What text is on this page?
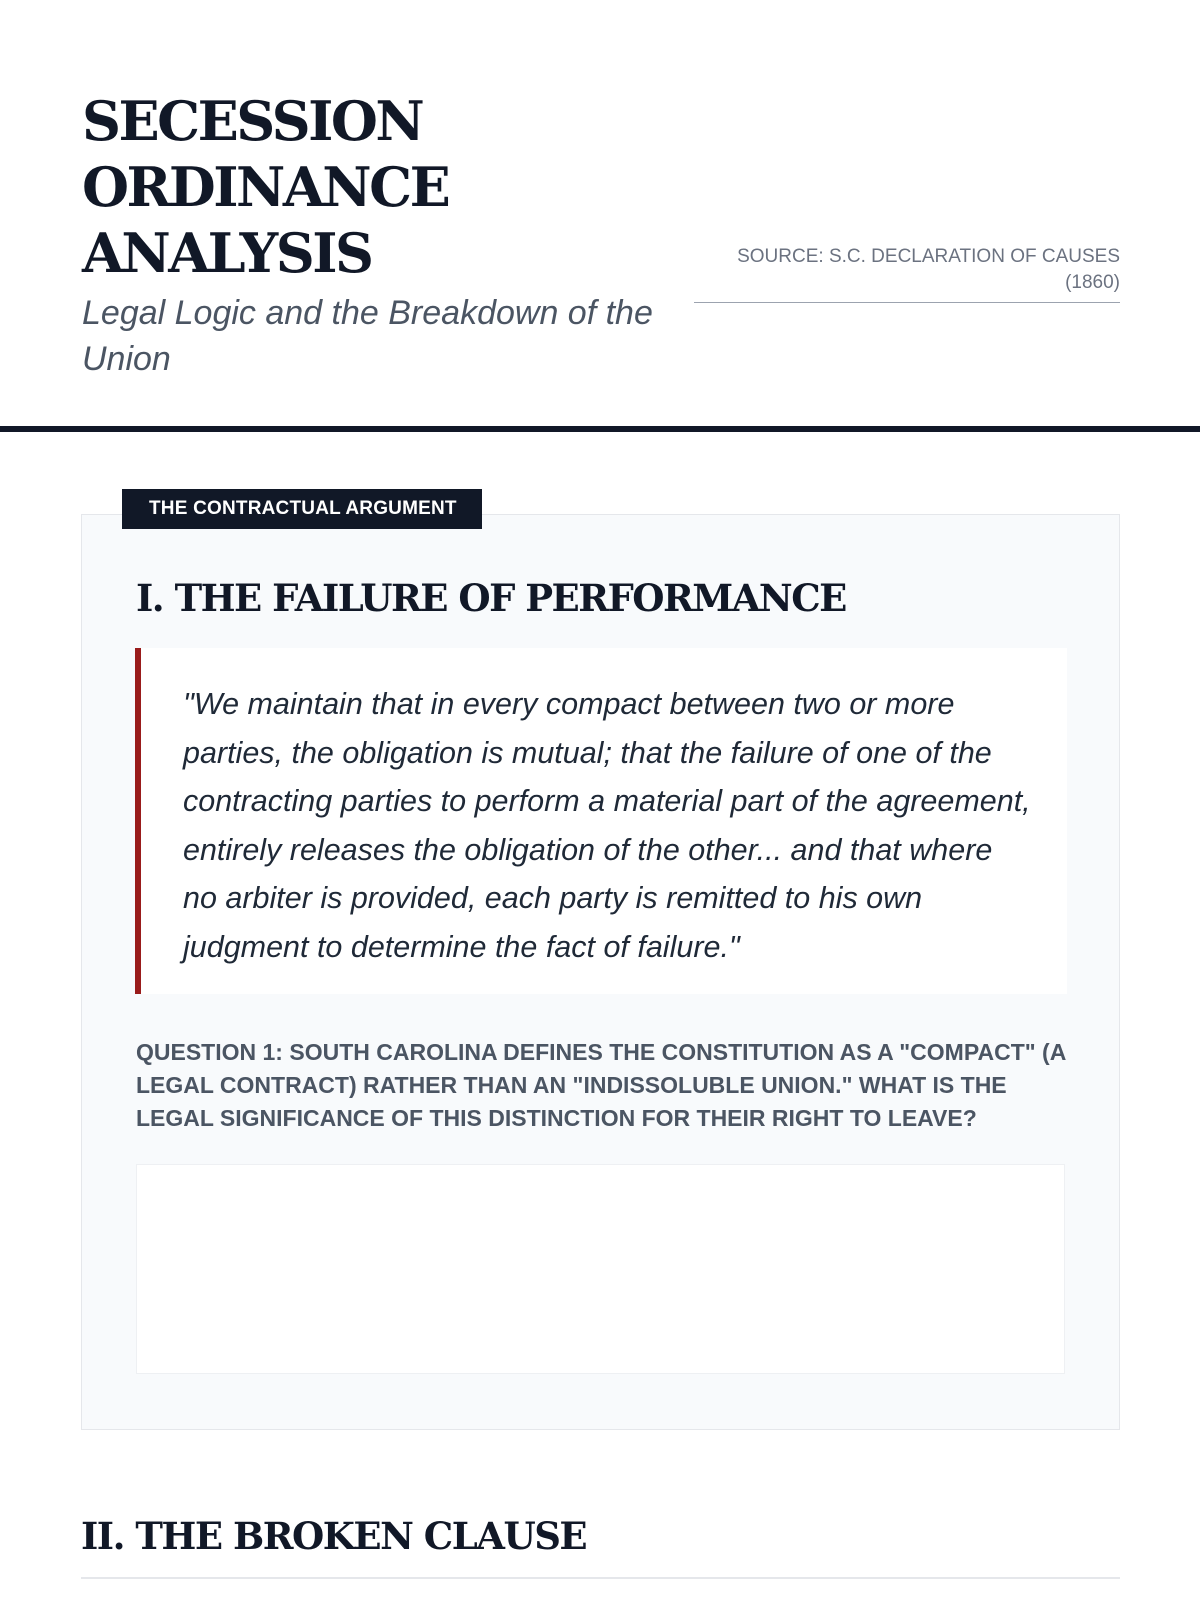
SECESSION ORDINANCE ANALYSIS

Legal Logic and the Breakdown of the Union

SOURCE: S.C. DECLARATION OF CAUSES (1860)
THE CONTRACTUAL ARGUMENT
I. THE FAILURE OF PERFORMANCE
"We maintain that in every compact between two or more parties, the obligation is mutual; that the failure of one of the contracting parties to perform a material part of the agreement, entirely releases the obligation of the other... and that where no arbiter is provided, each party is remitted to his own judgment to determine the fact of failure."

QUESTION 1: SOUTH CAROLINA DEFINES THE CONSTITUTION AS A "COMPACT" (A LEGAL CONTRACT) RATHER THAN AN "INDISSOLUBLE UNION." WHAT IS THE LEGAL SIGNIFICANCE OF THIS DISTINCTION FOR THEIR RIGHT TO LEAVE?

II. THE BROKEN CLAUSE
